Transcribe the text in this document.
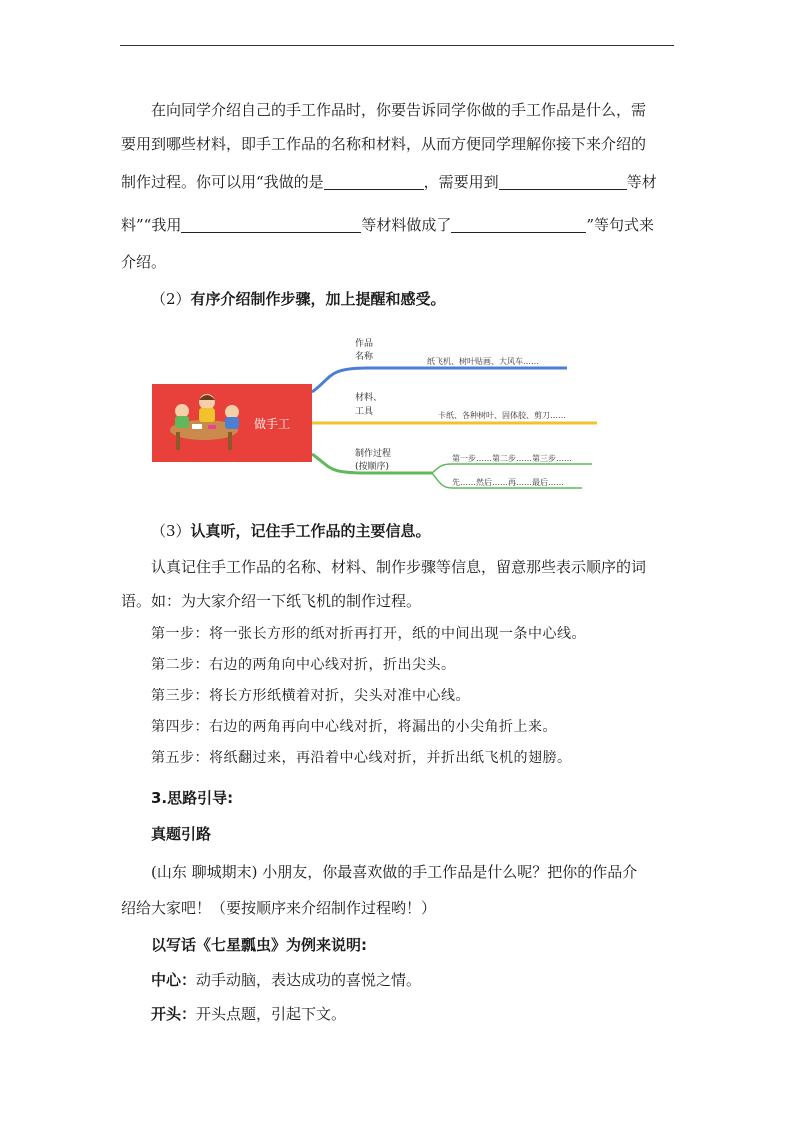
在向同学介绍自己的手工作品时，你要告诉同学你做的手工作品是什么，需

要用到哪些材料，即手工作品的名称和材料，从而方便同学理解你接下来介绍的

制作过程。你可以用“我做的是	，需要用到	等材

料”“我用	等材料做成了	”等句式来

介绍。

（2）有序介绍制作步骤，加上提醒和感受。

做手工
作品
名称	纸飞机、树叶贴画、大风车……
材料、
工具	卡纸、各种树叶、固体胶、剪刀……
制作过程
(按顺序)
第一步……第二步……第三步……
先……然后……再……最后……

（3）认真听，记住手工作品的主要信息。

认真记住手工作品的名称、材料、制作步骤等信息，留意那些表示顺序的词

语。如：为大家介绍一下纸飞机的制作过程。

第一步：将一张长方形的纸对折再打开，纸的中间出现一条中心线。
第二步：右边的两角向中心线对折，折出尖头。
第三步：将长方形纸横着对折，尖头对准中心线。
第四步：右边的两角再向中心线对折，将漏出的小尖角折上来。
第五步：将纸翻过来，再沿着中心线对折，并折出纸飞机的翅膀。

3.思路引导:

真题引路

(山东 聊城期末) 小朋友，你最喜欢做的手工作品是什么呢？把你的作品介

绍给大家吧！（要按顺序来介绍制作过程哟！）

以写话《七星瓢虫》为例来说明:

中心：动手动脑，表达成功的喜悦之情。

开头：开头点题，引起下文。
